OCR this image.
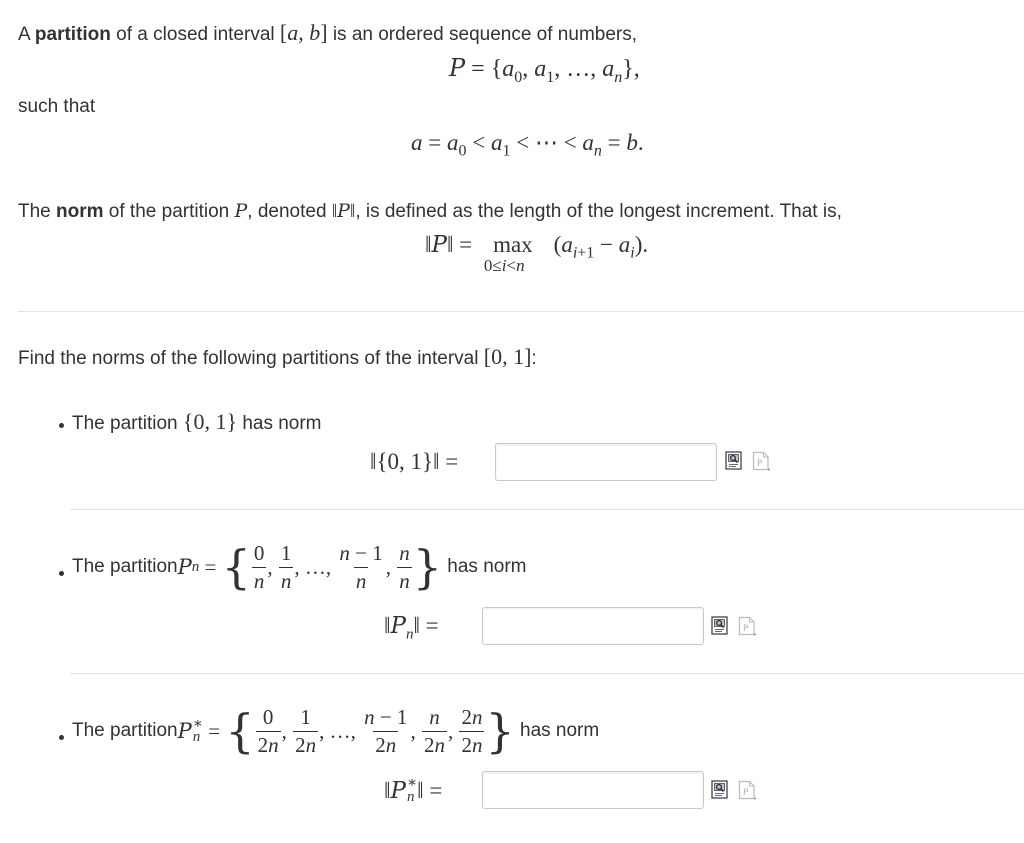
A partition of a closed interval [a, b] is an ordered sequence of numbers,
$P = \{a_0$, $a_1$, …, $a_n$},
such that
$a = a_0 < a_1$ < ⋯ < $a_n = b$.
The norm of the partition P, denoted ‖P‖, is defined as the length of the longest increment. That is,
‖P‖ = max
0≤i<n
$(a_{i+1} - a_i)$.
Find the norms of the following partitions of the interval [0, 1]:
The partition {0, 1} has norm
‖{0, 1}‖ =	P
The partition P n = { $\frac{0}{n}$ , $\frac{1}{n}$ , …, $\frac{n - 1}{n}$ , $\frac{n}{n}$ }
has norm
$‖P_n‖$ =	P
The partition P ∗
n = { $\frac{0}{2n}$ , $\frac{1}{2n}$ , …, $\frac{n - 1}{2n}$ , $\frac{n}{2n}$ , $\frac{2n}{2n}$ }
has norm
‖ P ∗
n ‖ =	P
